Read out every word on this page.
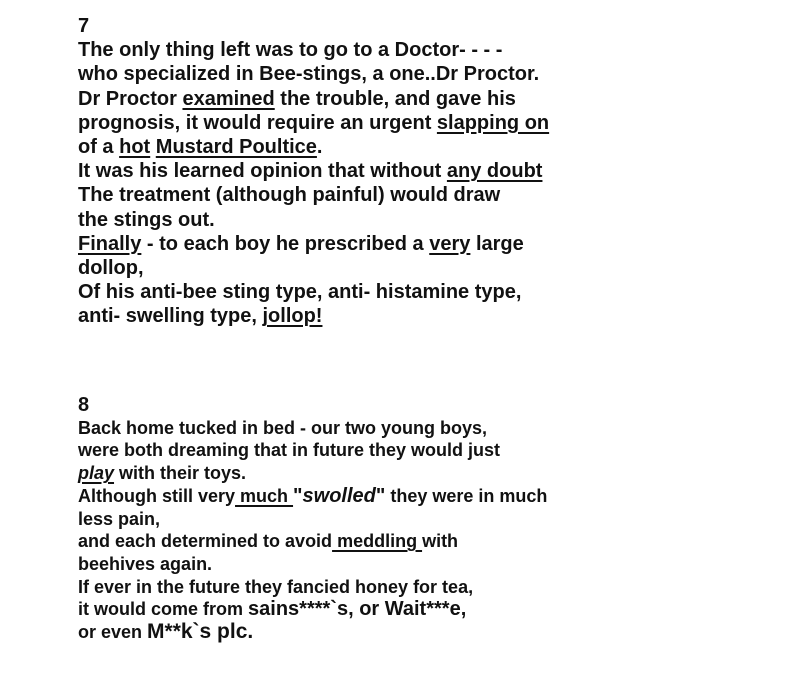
7
The only thing left was to go to a Doctor- - - -
who specialized in Bee-stings, a one..Dr Proctor.
Dr Proctor examined the trouble, and gave his
prognosis, it would require an urgent slapping on
of a hot Mustard Poultice.
It was his learned opinion that without any doubt
The treatment (although painful) would draw
the stings out.
Finally - to each boy he prescribed a very large
dollop,
Of his anti-bee sting type, anti- histamine type,
anti- swelling type, jollop!
8
Back home tucked in bed - our two young boys,
were both dreaming that in future they would just
play with their toys.
Although still very much "swolled" they were in much
less pain,
and each determined to avoid meddling with
beehives again.
If ever in the future they fancied honey for tea,
it would come from sains****`s, or Wait***e,
or even M**k`s plc.
